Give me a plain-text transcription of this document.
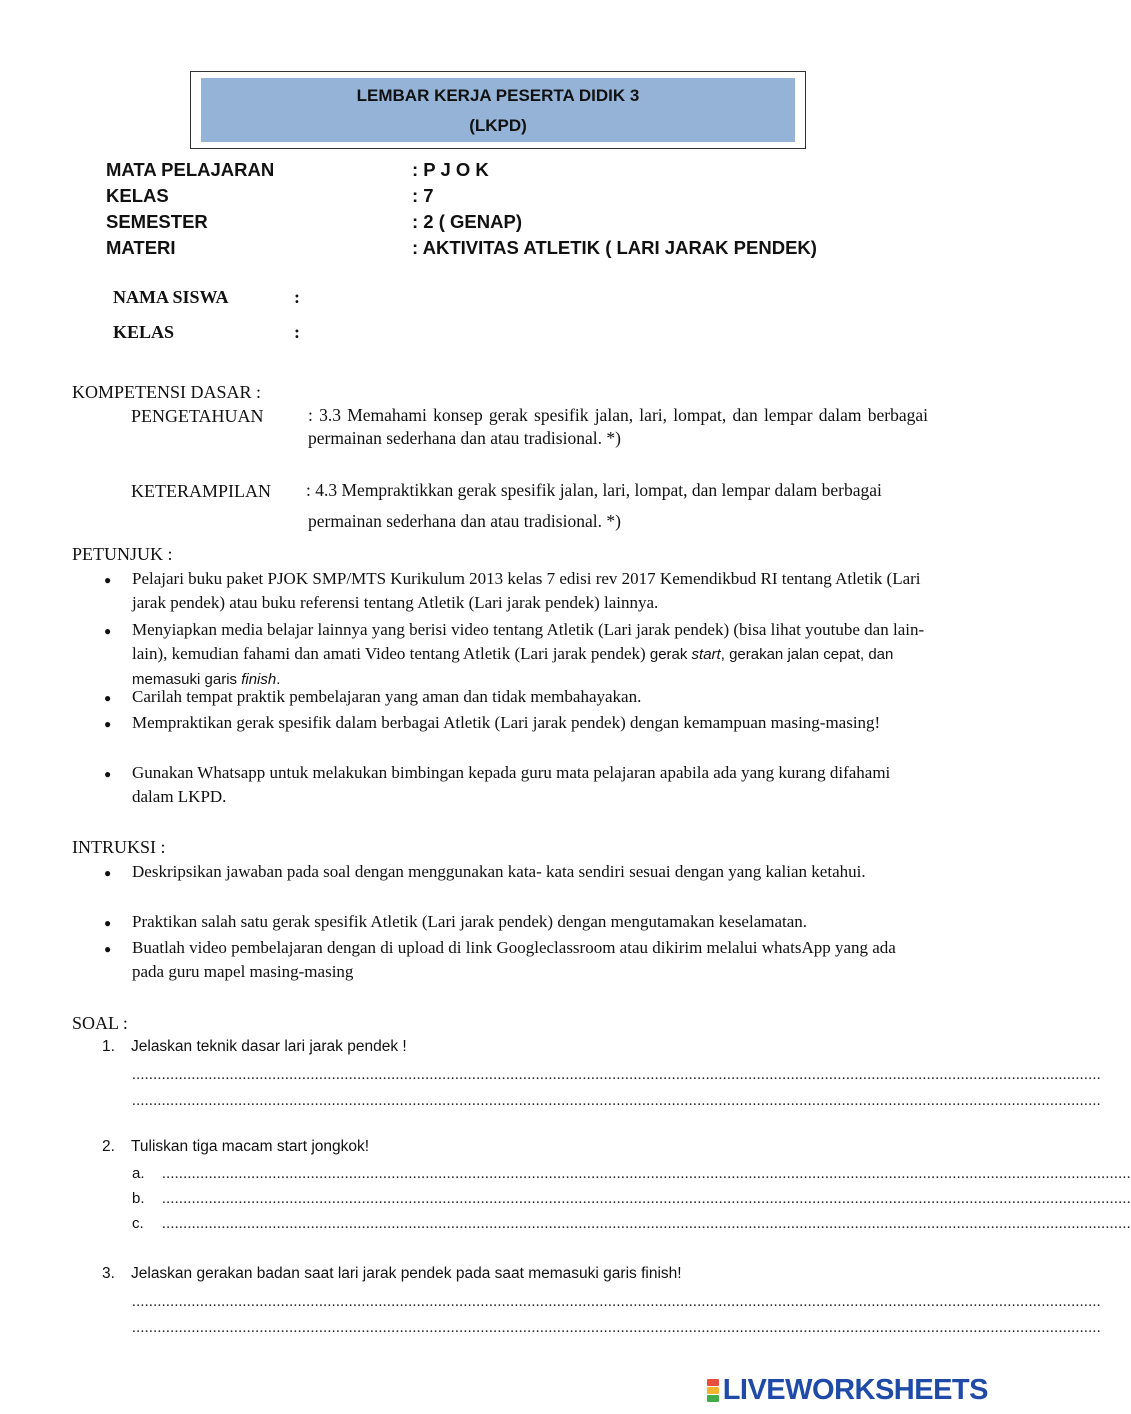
LEMBAR KERJA PESERTA DIDIK 3
(LKPD)
MATA PELAJARAN	: P J O K
KELAS	: 7
SEMESTER	: 2 ( GENAP)
MATERI	: AKTIVITAS ATLETIK ( LARI JARAK PENDEK)
NAMA SISWA	:
KELAS	:
KOMPETENSI DASAR :
PENGETAHUAN	: 3.3 Memahami konsep gerak spesifik jalan, lari, lompat, dan lempar dalam berbagai permainan sederhana dan atau tradisional. *)
KETERAMPILAN : 4.3 Mempraktikkan gerak spesifik jalan, lari, lompat, dan lempar dalam berbagai
permainan sederhana dan atau tradisional. *)
PETUNJUK :
● Pelajari buku paket PJOK SMP/MTS Kurikulum 2013 kelas 7 edisi rev 2017 Kemendikbud RI tentang Atletik (Lari jarak pendek) atau buku referensi tentang Atletik (Lari jarak pendek) lainnya.
● Menyiapkan media belajar lainnya yang berisi video tentang Atletik (Lari jarak pendek) (bisa lihat youtube dan lain- lain), kemudian fahami dan amati Video tentang Atletik (Lari jarak pendek) gerak start, gerakan jalan cepat, dan memasuki garis finish.
● Carilah tempat praktik pembelajaran yang aman dan tidak membahayakan.
● Mempraktikan gerak spesifik dalam berbagai Atletik (Lari jarak pendek) dengan kemampuan masing-masing!
● Gunakan Whatsapp untuk melakukan bimbingan kepada guru mata pelajaran apabila ada yang kurang difahami dalam LKPD.
INTRUKSI :
● Deskripsikan jawaban pada soal dengan menggunakan kata- kata sendiri sesuai dengan yang kalian ketahui.
● Praktikan salah satu gerak spesifik Atletik (Lari jarak pendek) dengan mengutamakan keselamatan.
● Buatlah video pembelajaran dengan di upload di link Googleclassroom atau dikirim melalui whatsApp yang ada pada guru mapel masing-masing
SOAL :
1. Jelaskan teknik dasar lari jarak pendek !
....................................................................................................................................................................................................................................
....................................................................................................................................................................................................................................
2. Tuliskan tiga macam start jongkok!
a. ....................................................................................................................................................................................................................................
b. ....................................................................................................................................................................................................................................
c. ....................................................................................................................................................................................................................................
3. Jelaskan gerakan badan saat lari jarak pendek pada saat memasuki garis finish!
....................................................................................................................................................................................................................................
....................................................................................................................................................................................................................................
LIVEWORKSHEETS
